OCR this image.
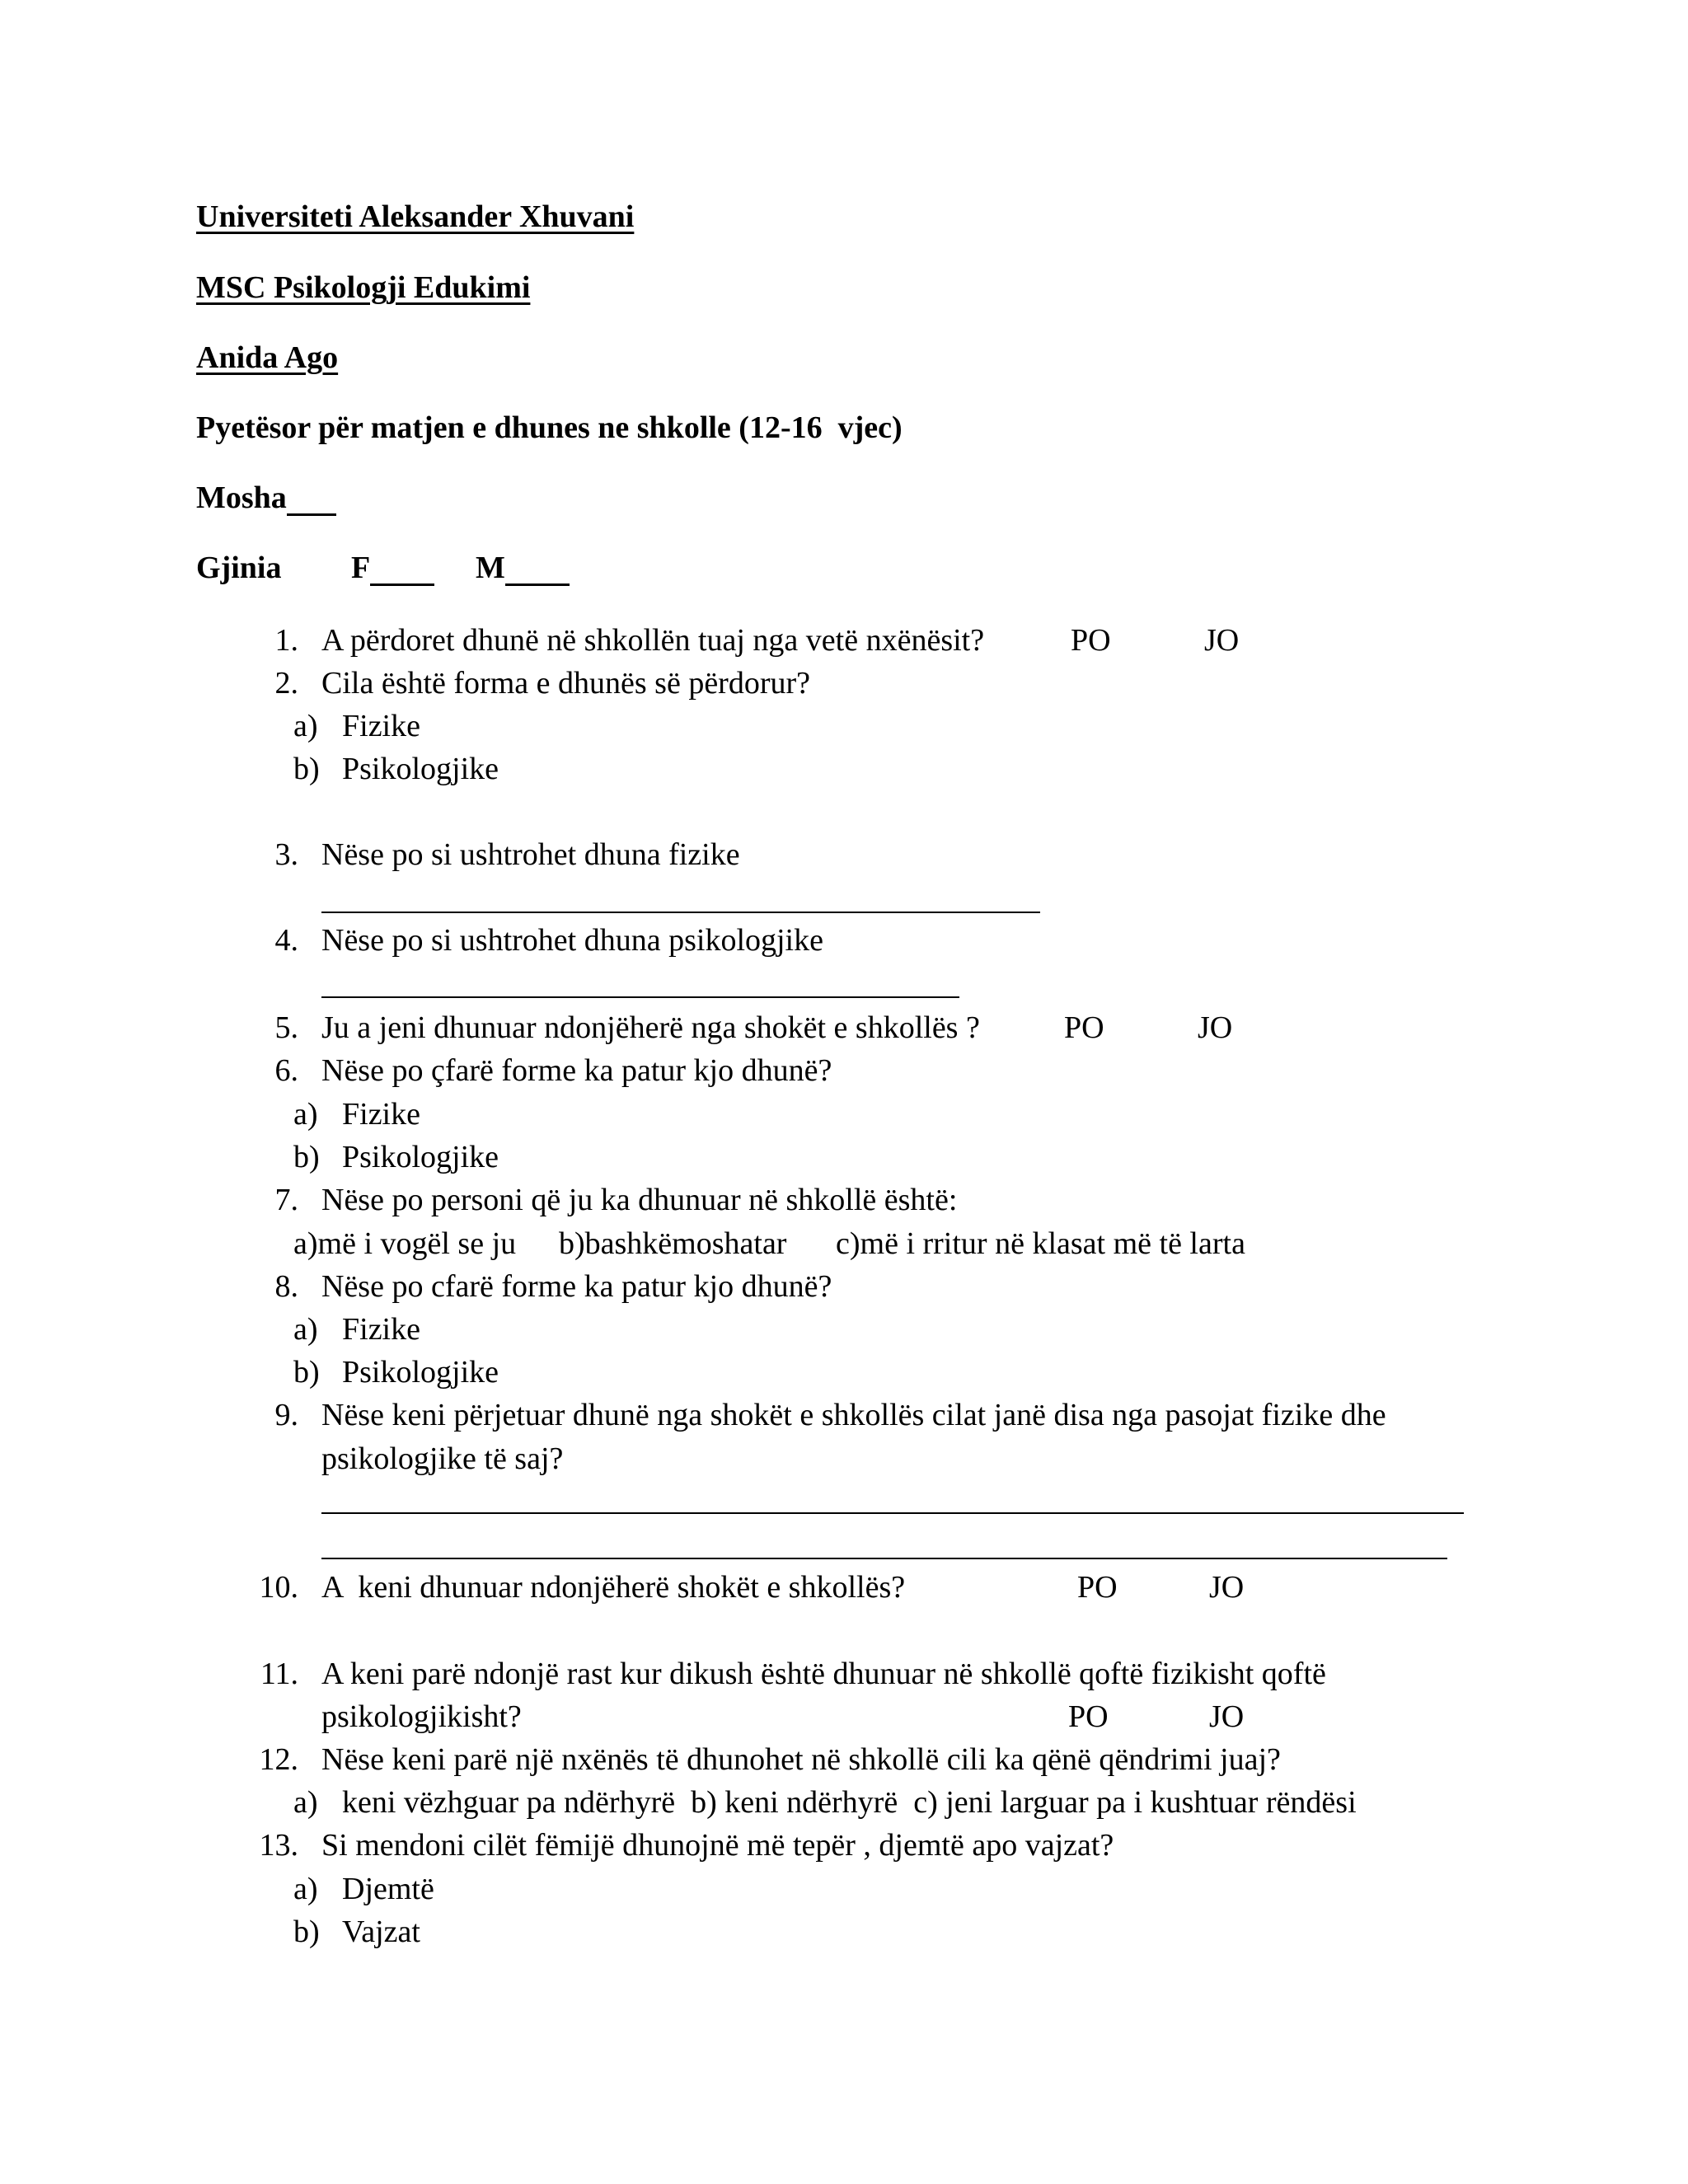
Universiteti Aleksander Xhuvani
MSC Psikologji Edukimi
Anida Ago
Pyetësor për matjen e dhunes ne shkolle (12-16  vjec)
Mosha
Gjinia F	M
1. A përdoret dhunë në shkollën tuaj nga vetë nxënësit?	PO	JO
2. Cila është forma e dhunës së përdorur?
a) Fizike
b) Psikologjike
3. Nëse po si ushtrohet dhuna fizike
4. Nëse po si ushtrohet dhuna psikologjike
5. Ju a jeni dhunuar ndonjëherë nga shokët e shkollës ?	PO	JO
6. Nëse po çfarë forme ka patur kjo dhunë?
a) Fizike
b) Psikologjike
7. Nëse po personi që ju ka dhunuar në shkollë është:
a)më i vogël se ju b)bashkëmoshatar c)më i rritur në klasat më të larta
8. Nëse po cfarë forme ka patur kjo dhunë?
a) Fizike
b) Psikologjike
9. Nëse keni përjetuar dhunë nga shokët e shkollës cilat janë disa nga pasojat fizike dhe
psikologjike të saj?
10. A  keni dhunuar ndonjëherë shokët e shkollës?	PO	JO
11. A keni parë ndonjë rast kur dikush është dhunuar në shkollë qoftë fizikisht qoftë
psikologjikisht?	PO	JO
12. Nëse keni parë një nxënës të dhunohet në shkollë cili ka qënë qëndrimi juaj?
a) keni vëzhguar pa ndërhyrë  b) keni ndërhyrë  c) jeni larguar pa i kushtuar rëndësi
13. Si mendoni cilët fëmijë dhunojnë më tepër , djemtë apo vajzat?
a) Djemtë
b) Vajzat
